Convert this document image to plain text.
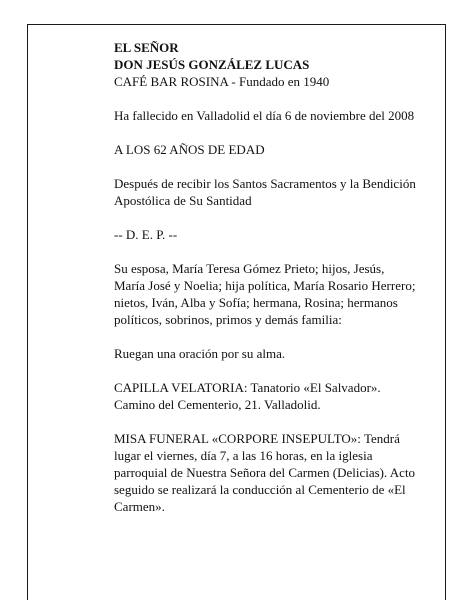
EL SEÑOR
DON JESÚS GONZÁLEZ LUCAS
CAFÉ BAR ROSINA - Fundado en 1940

Ha fallecido en Valladolid el día 6 de noviembre del 2008

A LOS 62 AÑOS DE EDAD

Después de recibir los Santos Sacramentos y la Bendición Apostólica de Su Santidad

-- D. E. P. --

Su esposa, María Teresa Gómez Prieto; hijos, Jesús, María José y Noelia; hija política, María Rosario Herrero; nietos, Iván, Alba y Sofía; hermana, Rosina; hermanos políticos, sobrinos, primos y demás familia:

Ruegan una oración por su alma.

CAPILLA VELATORIA: Tanatorio «El Salvador». Camino del Cementerio, 21. Valladolid.

MISA FUNERAL «CORPORE INSEPULTO»: Tendrá lugar el viernes, día 7, a las 16 horas, en la iglesia parroquial de Nuestra Señora del Carmen (Delicias). Acto seguido se realizará la conducción al Cementerio de «El Carmen».
